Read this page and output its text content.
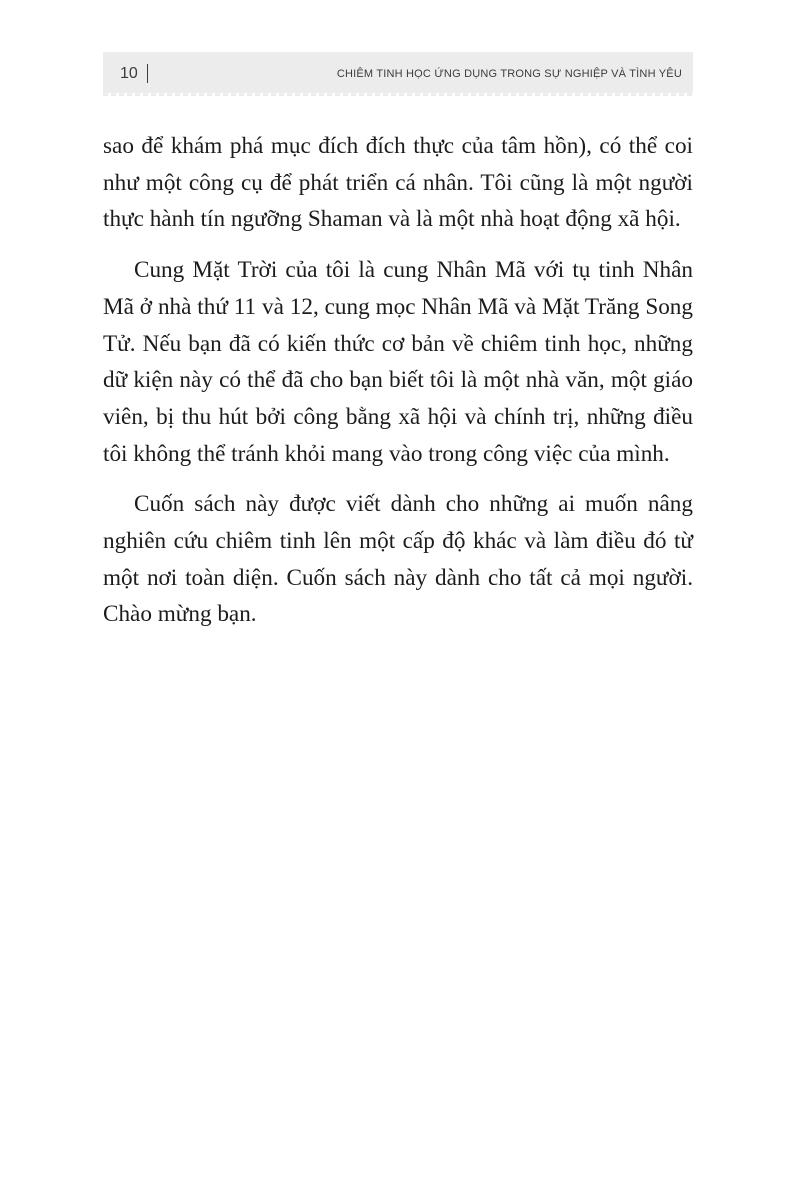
10	CHIÊM TINH HỌC ỨNG DỤNG TRONG SỰ NGHIỆP VÀ TÌNH YÊU

sao để khám phá mục đích đích thực của tâm hồn), có thể coi như một công cụ để phát triển cá nhân. Tôi cũng là một người thực hành tín ngưỡng Shaman và là một nhà hoạt động xã hội.

Cung Mặt Trời của tôi là cung Nhân Mã với tụ tinh Nhân Mã ở nhà thứ 11 và 12, cung mọc Nhân Mã và Mặt Trăng Song Tử. Nếu bạn đã có kiến thức cơ bản về chiêm tinh học, những dữ kiện này có thể đã cho bạn biết tôi là một nhà văn, một giáo viên, bị thu hút bởi công bằng xã hội và chính trị, những điều tôi không thể tránh khỏi mang vào trong công việc của mình.

Cuốn sách này được viết dành cho những ai muốn nâng nghiên cứu chiêm tinh lên một cấp độ khác và làm điều đó từ một nơi toàn diện. Cuốn sách này dành cho tất cả mọi người. Chào mừng bạn.
